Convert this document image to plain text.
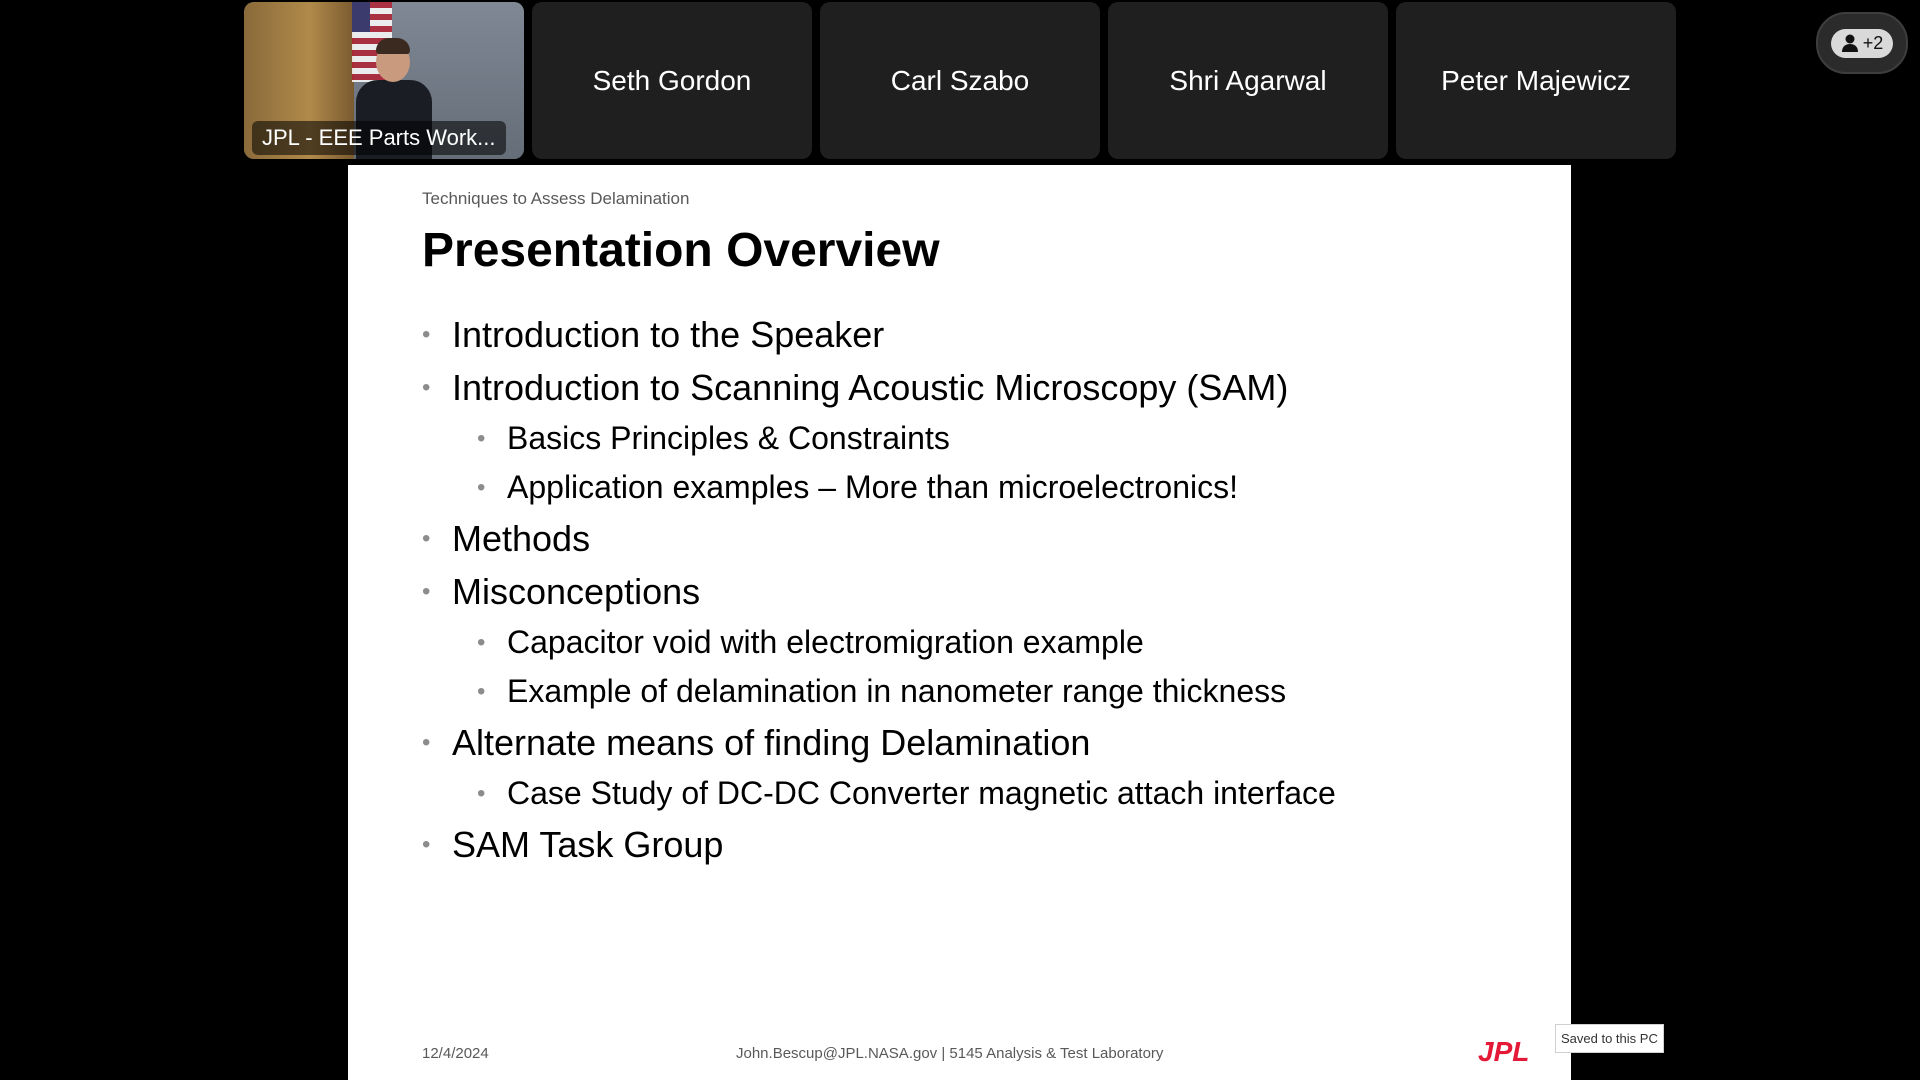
JPL - EEE Parts Work...
Seth Gordon	Carl Szabo	Shri Agarwal	Peter Majewicz
+2
Techniques to Assess Delamination
Presentation Overview
• Introduction to the Speaker
• Introduction to Scanning Acoustic Microscopy (SAM)
• Basics Principles & Constraints
• Application examples – More than microelectronics!
• Methods
• Misconceptions
• Capacitor void with electromigration example
• Example of delamination in nanometer range thickness
• Alternate means of finding Delamination
• Case Study of DC-DC Converter magnetic attach interface
• SAM Task Group
12/4/2024	John.Bescup@JPL.NASA.gov | 5145 Analysis & Test Laboratory	JPL	Saved to this PC
